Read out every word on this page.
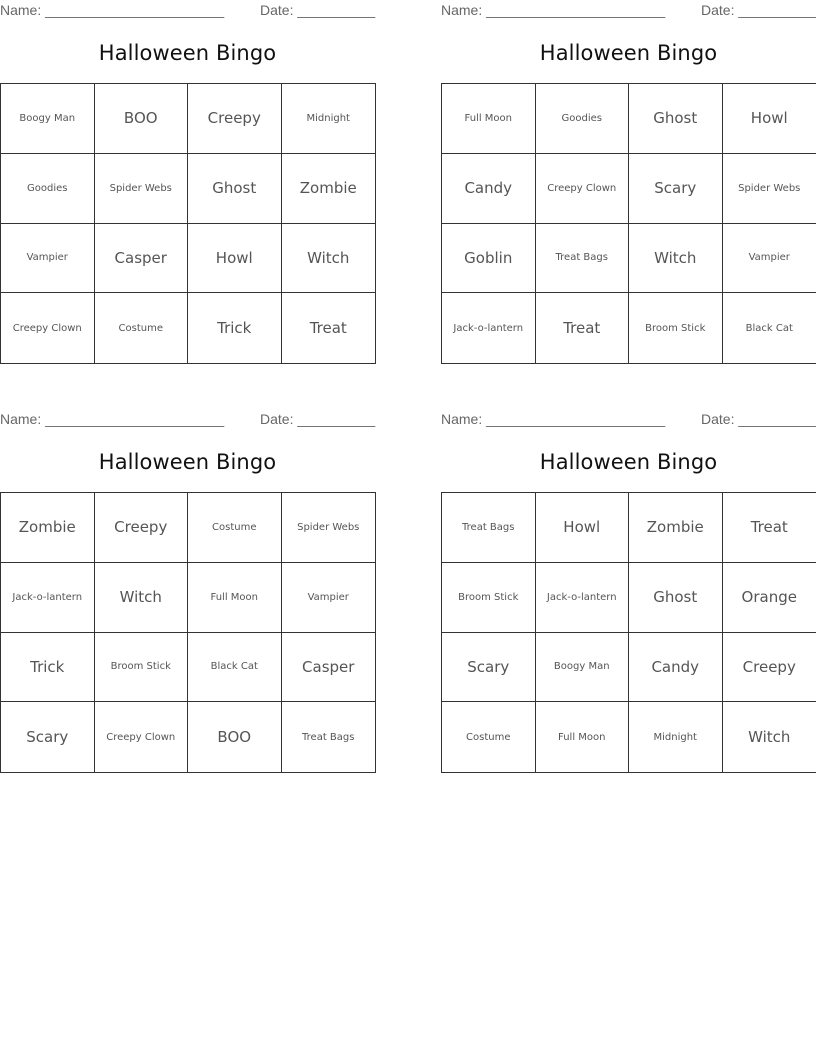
Name: _______________________	Date: __________
Halloween Bingo
Boogy Man	BOO	Creepy	Midnight
Goodies	Spider Webs	Ghost	Zombie
Vampier	Casper	Howl	Witch
Creepy Clown	Costume	Trick	Treat
Name: _______________________	Date: __________
Halloween Bingo
Full Moon	Goodies	Ghost	Howl
Candy	Creepy Clown	Scary	Spider Webs
Goblin	Treat Bags	Witch	Vampier
Jack-o-lantern	Treat	Broom Stick	Black Cat
Name: _______________________	Date: __________
Halloween Bingo
Zombie	Creepy	Costume	Spider Webs
Jack-o-lantern	Witch	Full Moon	Vampier
Trick	Broom Stick	Black Cat	Casper
Scary	Creepy Clown	BOO	Treat Bags
Name: _______________________	Date: __________
Halloween Bingo
Treat Bags	Howl	Zombie	Treat
Broom Stick	Jack-o-lantern	Ghost	Orange
Scary	Boogy Man	Candy	Creepy
Costume	Full Moon	Midnight	Witch
